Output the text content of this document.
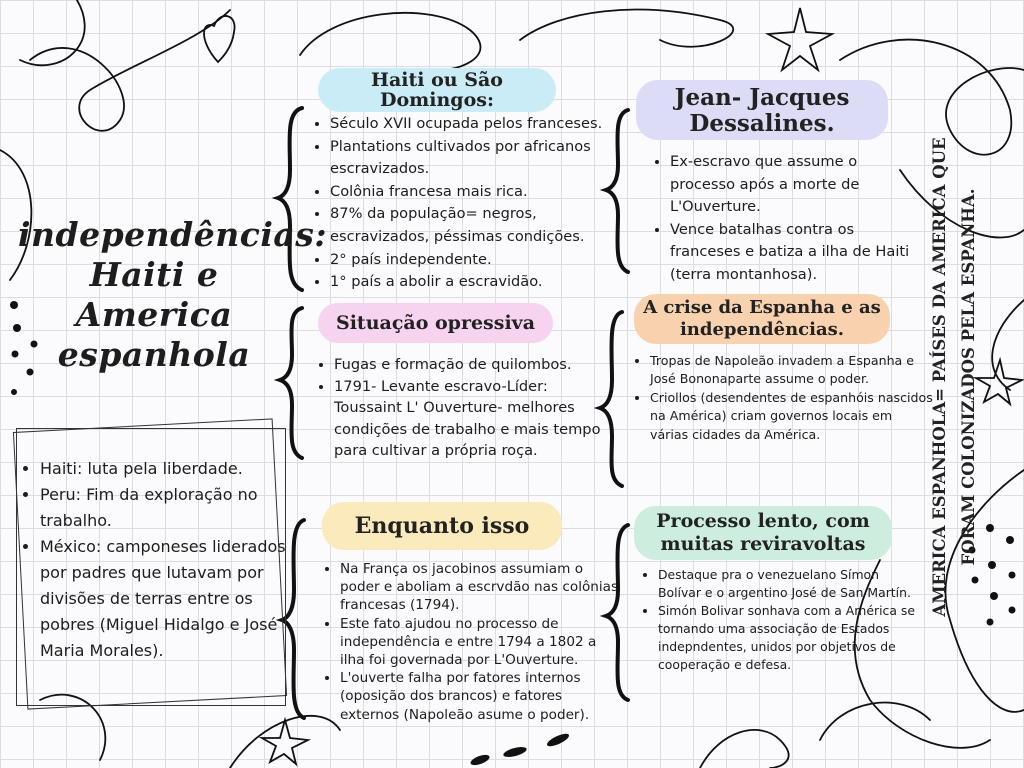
independências: Haiti e America espanhola
Haiti ou São Domingos:
• Século XVII ocupada pelos franceses.
• Plantations cultivados por africanos escravizados.
• Colônia francesa mais rica.
• 87% da população= negros, escravizados, péssimas condições.
• 2° país independente.
• 1° país a abolir a escravidão.
Situação opressiva
• Fugas e formação de quilombos.
• 1791- Levante escravo-Líder: Toussaint L' Ouverture- melhores condições de trabalho e mais tempo para cultivar a própria roça.
Enquanto isso
• Na França os jacobinos assumiam o poder e aboliam a escrvdão nas colônias francesas (1794).
• Este fato ajudou no processo de independência e entre 1794 a 1802 a ilha foi governada por L'Ouverture.
• L'ouverte falha por fatores internos (oposição dos brancos) e fatores externos (Napoleão asume o poder).
Jean- Jacques Dessalines.
• Ex-escravo que assume o processo após a morte de L'Ouverture.
• Vence batalhas contra os franceses e batiza a ilha de Haiti (terra montanhosa).
A crise da Espanha e as independências.
• Tropas de Napoleão invadem a Espanha e José Bononaparte assume o poder.
• Criollos (desendentes de espanhóis nascidos na América) criam governos locais em várias cidades da América.
Processo lento, com muitas reviravoltas
• Destaque pra o venezuelano Símon Bolívar e o argentino José de San Martín.
• Simón Bolivar sonhava com a América se tornando uma associação de Estados indepndentes, unidos por objetivos de cooperação e defesa.
• Haiti: luta pela liberdade.
• Peru: Fim da exploração no trabalho.
• México: camponeses liderados por padres que lutavam por divisões de terras entre os pobres (Miguel Hidalgo e José Maria Morales).
AMERICA ESPANHOLA= PAÍSES DA AMERICA QUE FORAM COLONIZADOS PELA ESPANHA.
